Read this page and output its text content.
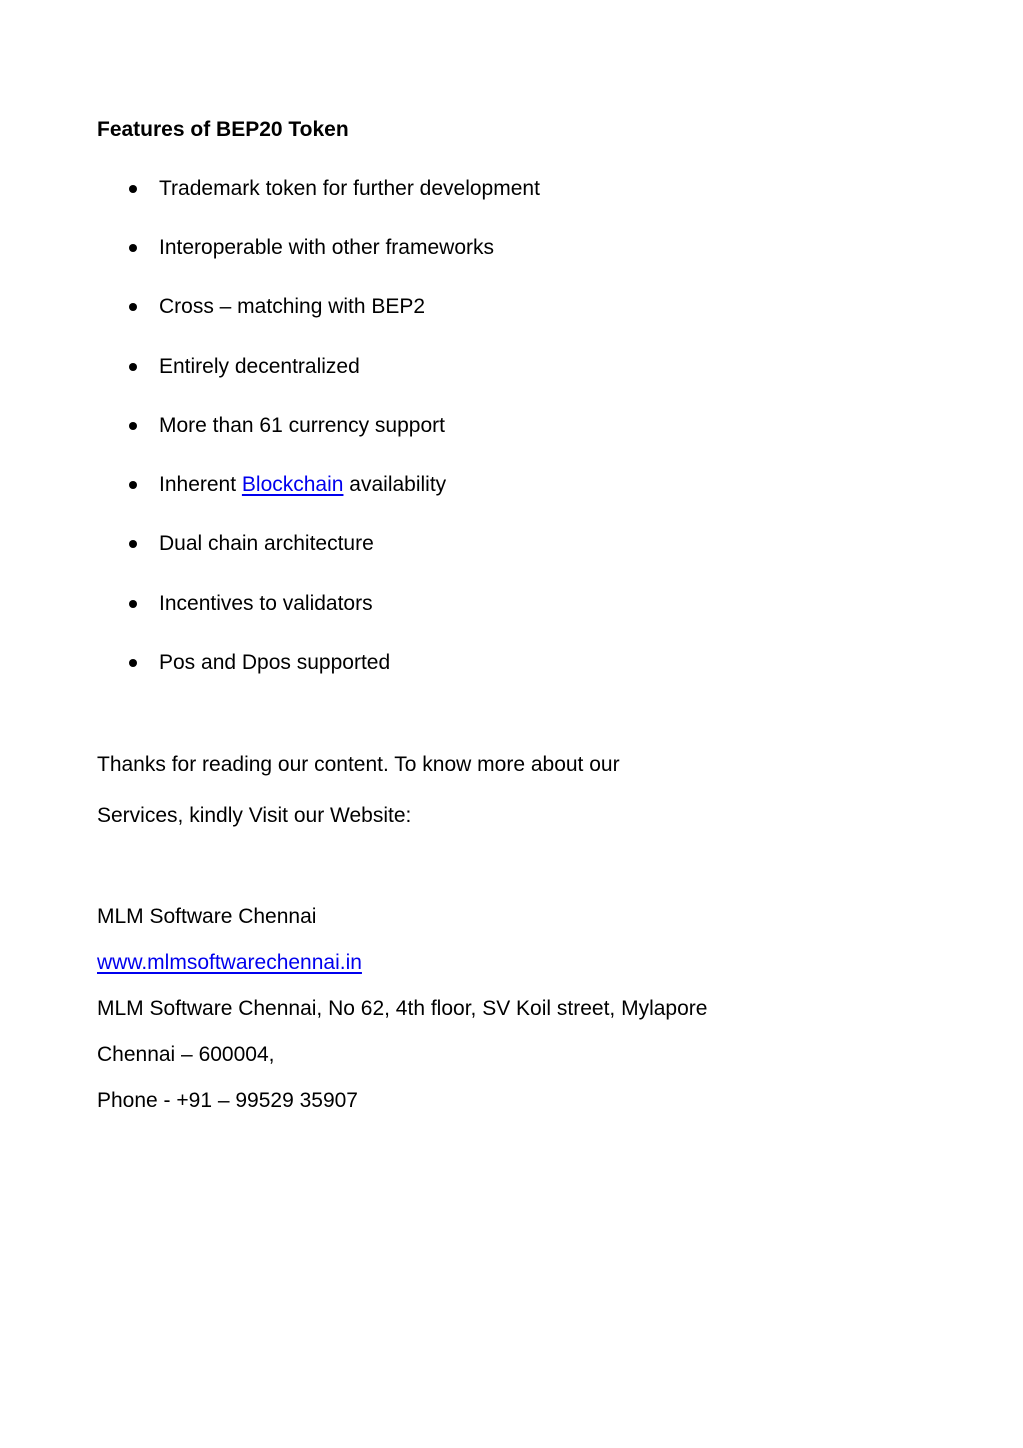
Features of BEP20 Token
Trademark token for further development
Interoperable with other frameworks
Cross – matching with BEP2
Entirely decentralized
More than 61 currency support
Inherent Blockchain availability
Dual chain architecture
Incentives to validators
Pos and Dpos supported
Thanks for reading our content. To know more about our
Services, kindly Visit our Website:
MLM Software Chennai
www.mlmsoftwarechennai.in
MLM Software Chennai, No 62, 4th floor, SV Koil street, Mylapore
Chennai – 600004,
Phone - +91 – 99529 35907
